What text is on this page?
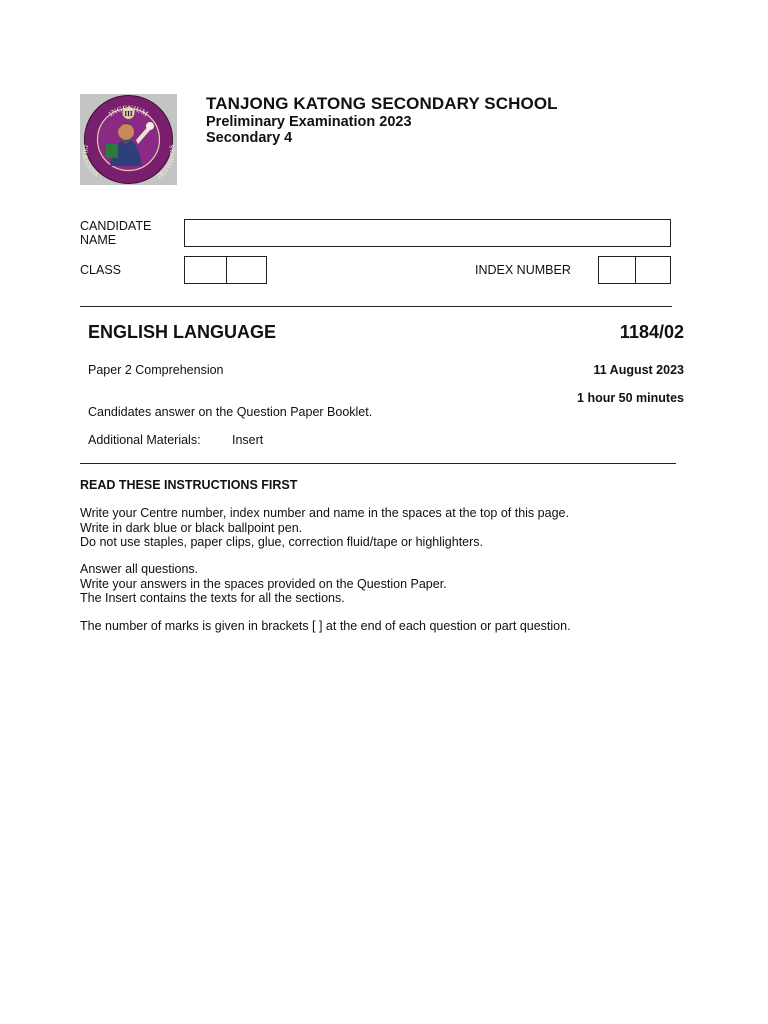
III
INGENIUM
DILIGENTIA	DEXTERITAS
TANJONG KATONG SECONDARY SCHOOL
Preliminary Examination 2023
Secondary 4
CANDIDATE
NAME
CLASS	INDEX NUMBER
ENGLISH LANGUAGE	1184/02
Paper 2 Comprehension	11 August 2023
1 hour 50 minutes
Candidates answer on the Question Paper Booklet.
Additional Materials:	Insert
READ THESE INSTRUCTIONS FIRST
Write your Centre number, index number and name in the spaces at the top of this page.
Write in dark blue or black ballpoint pen.
Do not use staples, paper clips, glue, correction fluid/tape or highlighters.
Answer all questions.
Write your answers in the spaces provided on the Question Paper.
The Insert contains the texts for all the sections.
The number of marks is given in brackets [ ] at the end of each question or part question.
